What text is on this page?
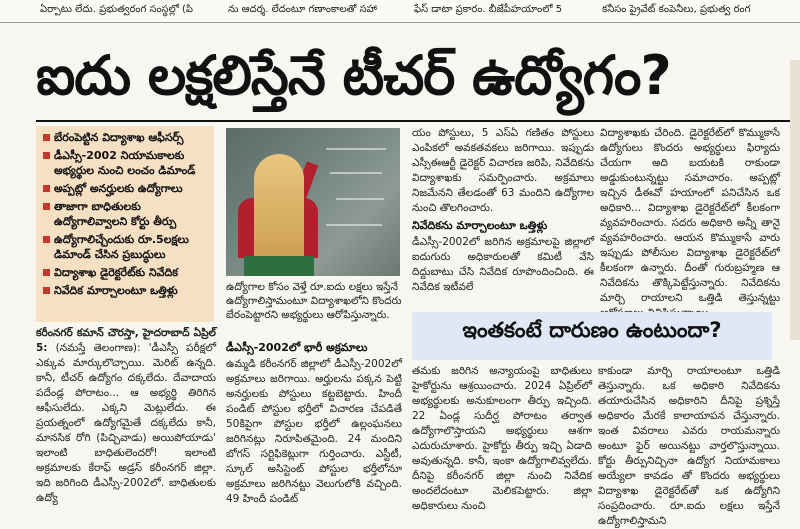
ఏర్పాటు లేదు. ప్రభుత్వరంగ సంస్థల్లో (పి	ను ఆదర్శ. లేదంటూ గణాంకాలతో సహా	ఫేస్ డాటా ప్రకారం. బీజేపీహయాంలో 5	కనీసం ప్రైవేట్ కంపెనీలు, ప్రభుత్వ రంగ
ఐదు లక్షలిస్తేనే టీచర్ ఉద్యోగం?
బేరంపెట్టిన విద్యాశాఖ ఆఫీసర్స్
డీఎస్సీ-2002 నియామకాలకు అభ్యర్థుల నుంచి లంచం డిమాండ్
అప్పట్లో అనర్హులకు ఉద్యోగాలు
తాజాగా బాధితులకు ఉద్యోగాలివ్వాలని కోర్టు తీర్పు
ఉద్యోగాలిచ్చేందుకు రూ.5లక్షలు డిమాండ్ చేసిన ప్రబుద్ధులు
విద్యాశాఖ డైరెక్టరేట్‌కు నివేదిక
నివేదిక మార్చాలంటూ ఒత్తిళ్లు

కరీంనగర్ కమాన్ చౌరస్తా, హైదరాబాద్ ఏప్రిల్ 5: (నమస్తే తెలంగాణ): 'డీఎస్సీ పరీక్షలో ఎక్కువ మార్కులొచ్చాయి. మెరిట్ ఉన్నది. కానీ, టీచర్ ఉద్యోగం దక్కలేదు. దేవాదాయ పదేండ్ల పోరాటం... ఆ అభ్యర్థి తిరిగిన ఆఫీసులేదు. ఎక్కని మెట్లులేదు. ఈ ప్రయత్నంలో ఉద్యోగమైతే దక్కలేదు కానీ, మానసిక రోగి (పిచ్చివాడు) అయిపోయాడు' ఇలాంటి బాధితులెందరో! ఇలాంటి అక్రమాలకు కేరాఫ్ అడ్రస్ కరీంనగర్ జిల్లా. ఇది జరిగింది డీఎస్సీ-2002లో. బాధితులకు ఉద్యో

ఉద్యోగాల కోసం వెళ్తే రూ.ఐదు లక్షలు ఇస్తేనే ఉద్యోగాలిస్తామంటూ విద్యాశాఖలోని కొందరు బేరంపెట్టారని అభ్యర్థులు ఆరోపిస్తున్నారు.
డీఎస్సీ-2002లో భారీ అక్రమాలు

ఉమ్మడి కరీంనగర్ జిల్లాలో డీఎస్సీ-2002లో అక్రమాలు జరిగాయి. అర్హులను పక్కన పెట్టి అనర్హులకు పోస్టులు కట్టబెట్టారు. హిందీ పండిట్ పోస్టుల భర్తీలో విచారణ చేపడితే 50కిపైగా పోస్టుల భర్తీలో ఉల్లంఘనలు జరిగినట్లు నిరూపితమైంది. 24 మందిని బోగస్ సర్టిఫికెట్లుగా గుర్తించారు. ఎస్టీటీ, స్కూల్ అసిస్టెంట్ పోస్టుల భర్తీలోనూ అక్రమాలు జరిగినట్టు వెలుగులోకి వచ్చింది. 49 హిందీ పండిట్

యం పోస్టులు, 5 ఎస్ఏ గణితం పోస్టులు ఎంపికలో అవకతవకలు జరిగాయి. ఇప్పుడు ఎస్సీఈఆర్టీ డైరెక్టర్ విచారణ జరిపి, నివేదికను విద్యాశాఖకు సమర్పించారు. అక్రమాలు నిజమేనని తేలడంతో 63 మందిని ఉద్యోగాల నుంచి తొలగించారు.

నివేదికను మార్చాలంటూ ఒత్తిళ్లు

డీఎస్సీ-2002లో జరిగిన అక్రమాలపై జిల్లాలో ఐదుగురు అధికారులతో కమిటీ వేసి దిద్దుబాటు చేసి నివేదిక రూపొందించింది. ఈ నివేదిక ఇటీవలే

విద్యాశాఖకు చేరింది. డైరెక్టరేట్‌లో కొమ్ముకాసే ఉద్యోగులు కొందరు అభ్యర్థులు ఫిర్యాదు చేయగా అది బయటకి రాకుండా అడ్డుకుంటున్నట్టు సమాచారం. అప్పట్లో ఇచ్చిన డీఈవో హయాంలో పనిచేసిన ఒక అధికారి... విద్యాశాఖ డైరెక్టరేట్‌లో కీలకంగా వ్యవహరించారు. సదరు అధికారి అన్నీ తానై వ్యవహరించారు. ఆయన కొమ్ముకాసే వారు ఇప్పుడు పోలీసుల విద్యాశాఖ డైరెక్టరేట్‌లో కీలకంగా ఉన్నారు. దీంతో గురుబ్రహ్మణ ఆ నివేదికను తొక్కిపెట్టేస్తున్నారు. నివేదికను మార్చి రాయాలని ఒత్తిడి తెస్తున్నట్టు

ఇంతకంటే దారుణం ఉంటుందా?

తమకు జరిగిన అన్యాయంపై బాధితులు హైకోర్టును ఆశ్రయించారు. 2024 ఏప్రిల్‌లో అభ్యర్థులకు అనుకూలంగా తీర్పు ఇచ్చింది. 22 ఏండ్ల సుదీర్ఘ పోరాటం తర్వాత ఉద్యోగాలొస్తాయని అభ్యర్థులు ఆశగా ఎదురుచూశారు. హైకోర్టు తీర్పు ఇచ్చి ఏడాది అవుతున్నది. కానీ, ఇంకా ఉద్యోగాలివ్వలేదు. దీనిపై కరీంనగర్ జిల్లా నుంచి నివేదిక అందలేదంటూ మెలికపెట్టారు. జిల్లా అధికారులు నుంచి

కాకుండా మార్చి రాయాలంటూ ఒత్తిడి తెస్తున్నారు. ఒక అధికారి నివేదికను తయారుచేసిన అధికారిని దీనిపై ప్రశ్నిస్తే అధికారం మేరకే కాలాయాపన చేస్తున్నారు. ఇంత వివరాలు ఎవరు రాయమన్నారు అంటూ ఫైర్ అయినట్టు వార్తలొస్తున్నాయి. కోర్టు తీర్పునిచ్చినా ఉద్యోగ నియామకాలు అయ్యేలా కావడం తో కొందరు అభ్యర్థులు విద్యాశాఖ డైరెక్టరేట్‌తో ఒక ఉద్యోగిని సంప్రదించారు. రూ.ఐదు లక్షలు ఇస్తేనే ఉద్యోగాలిస్తామని
